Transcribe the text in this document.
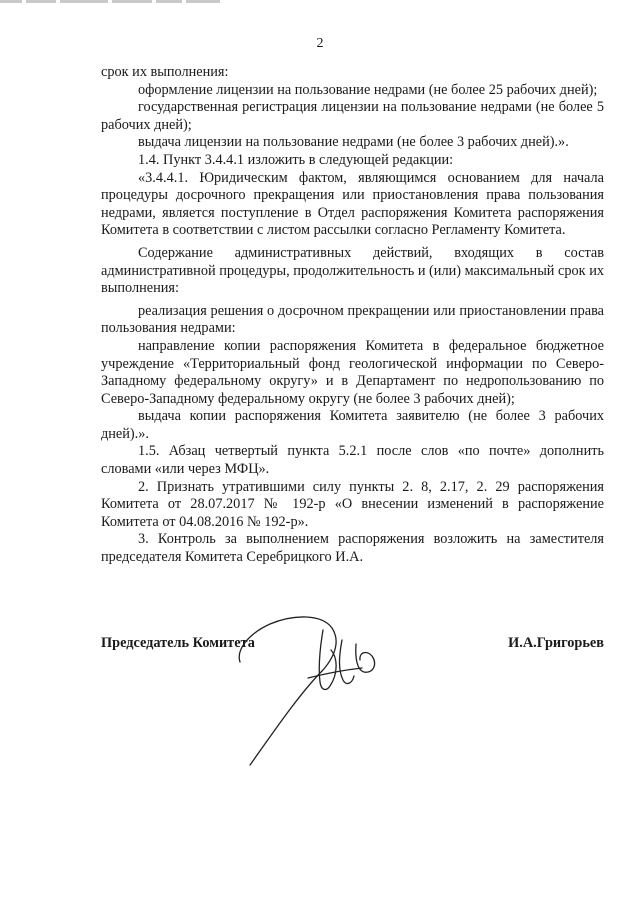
2

срок их выполнения:

оформление лицензии на пользование недрами (не более 25 рабочих дней);

государственная регистрация лицензии на пользование недрами (не более 5 рабочих дней);

выдача лицензии на пользование недрами (не более 3 рабочих дней).».

1.4. Пункт 3.4.4.1 изложить в следующей редакции:

«3.4.4.1. Юридическим фактом, являющимся основанием для начала процедуры досрочного прекращения или приостановления права пользования недрами, является поступление в Отдел распоряжения Комитета распоряжения Комитета в соответствии с листом рассылки согласно Регламенту Комитета.

Содержание административных действий, входящих в состав административной процедуры, продолжительность и (или) максимальный срок их выполнения:

реализация решения о досрочном прекращении или приостановлении права пользования недрами:

направление копии распоряжения Комитета в федеральное бюджетное учреждение «Территориальный фонд геологической информации по Северо-Западному федеральному округу» и в Департамент по недропользованию по Северо-Западному федеральному округу (не более 3 рабочих дней);

выдача копии распоряжения Комитета заявителю (не более 3 рабочих дней).».

1.5. Абзац четвертый пункта 5.2.1 после слов «по почте» дополнить словами «или через МФЦ».

2. Признать утратившими силу пункты 2. 8, 2.17, 2. 29 распоряжения Комитета от 28.07.2017 № 192-р «О внесении изменений в распоряжение Комитета от 04.08.2016 № 192-р».

3. Контроль за выполнением распоряжения возложить на заместителя председателя Комитета Серебрицкого И.А.

Председатель Комитета	И.А.Григорьев
